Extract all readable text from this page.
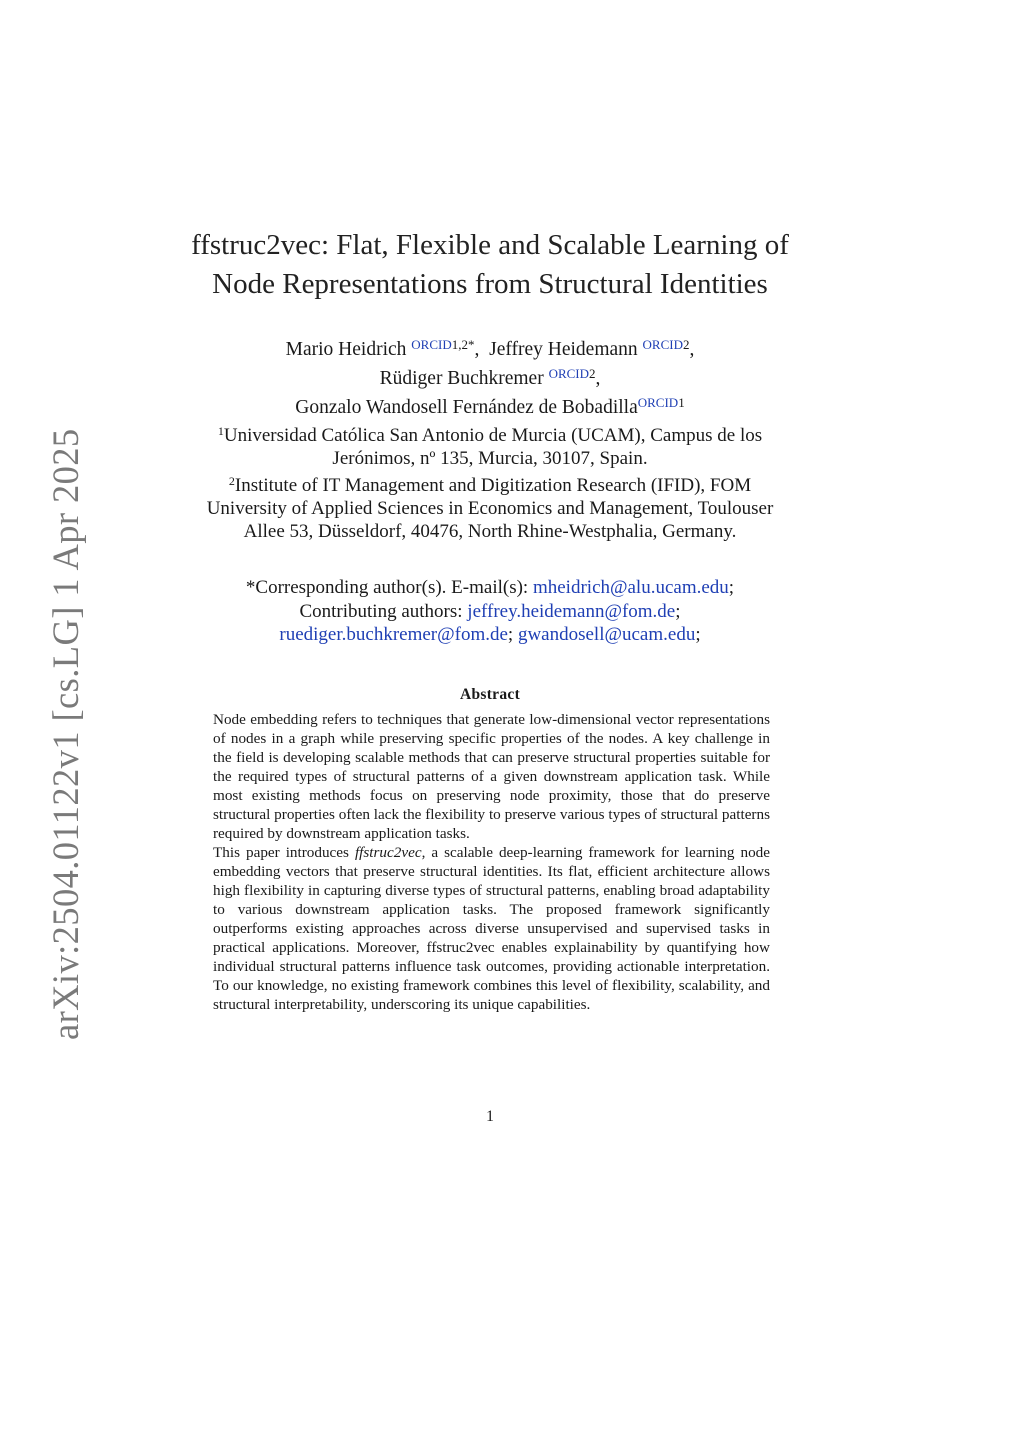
arXiv:2504.01122v1 [cs.LG] 1 Apr 2025
ffstruc2vec: Flat, Flexible and Scalable Learning of
Node Representations from Structural Identities
Mario Heidrich $^{ORCID1,2*}$, Jeffrey Heidemann $^{ORCID2}$,
Rüdiger Buchkremer $^{ORCID2}$,
Gonzalo Wandosell Fernández de Bobadilla$^{ORCID1}$
$^1$Universidad Católica San Antonio de Murcia (UCAM), Campus de los
Jerónimos, nº 135, Murcia, 30107, Spain.
$^2$Institute of IT Management and Digitization Research (IFID), FOM
University of Applied Sciences in Economics and Management, Toulouser
Allee 53, Düsseldorf, 40476, North Rhine-Westphalia, Germany.
*Corresponding author(s). E-mail(s): mheidrich@alu.ucam.edu;
Contributing authors: jeffrey.heidemann@fom.de;
ruediger.buchkremer@fom.de; gwandosell@ucam.edu;
Abstract

Node embedding refers to techniques that generate low-dimensional vector representations of nodes in a graph while preserving specific properties of the nodes. A key challenge in the field is developing scalable methods that can preserve structural properties suitable for the required types of structural patterns of a given downstream application task. While most existing methods focus on preserving node proximity, those that do preserve structural properties often lack the flexibility to preserve various types of structural patterns required by downstream application tasks.

This paper introduces ffstruc2vec, a scalable deep-learning framework for learning node embedding vectors that preserve structural identities. Its flat, efficient architecture allows high flexibility in capturing diverse types of structural patterns, enabling broad adaptability to various downstream application tasks. The proposed framework significantly outperforms existing approaches across diverse unsupervised and supervised tasks in practical applications. Moreover, ffstruc2vec enables explainability by quantifying how individual structural patterns influence task outcomes, providing actionable interpretation. To our knowledge, no existing framework combines this level of flexibility, scalability, and structural interpretability, underscoring its unique capabilities.

1
